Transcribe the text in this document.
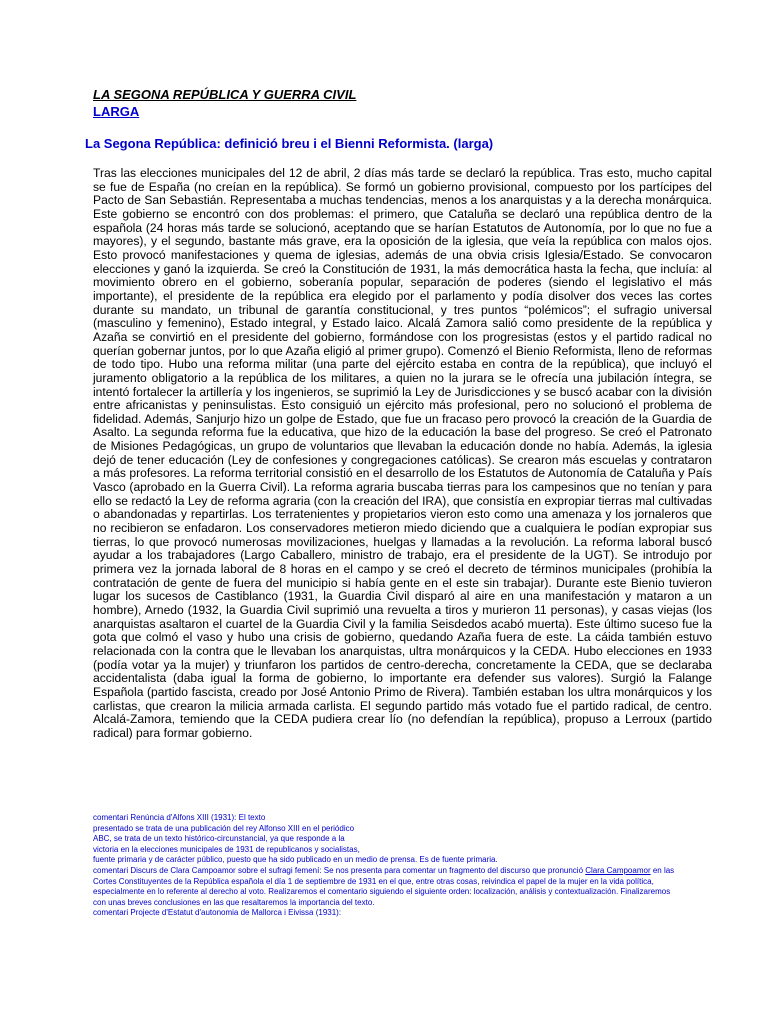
LA SEGONA REPÚBLICA Y GUERRA CIVIL
LARGA
La Segona República: definició breu i el Bienni Reformista. (larga)

Tras las elecciones municipales del 12 de abril, 2 días más tarde se declaró la república. Tras esto, mucho capital se fue de España (no creían en la república). Se formó un gobierno provisional, compuesto por los partícipes del Pacto de San Sebastián. Representaba a muchas tendencias, menos a los anarquistas y a la derecha monárquica. Este gobierno se encontró con dos problemas: el primero, que Cataluña se declaró una república dentro de la española (24 horas más tarde se solucionó, aceptando que se harían Estatutos de Autonomía, por lo que no fue a mayores), y el segundo, bastante más grave, era la oposición de la iglesia, que veía la república con malos ojos. Esto provocó manifestaciones y quema de iglesias, además de una obvia crisis Iglesia/Estado. Se convocaron elecciones y ganó la izquierda. Se creó la Constitución de 1931, la más democrática hasta la fecha, que incluía: al movimiento obrero en el gobierno, soberanía popular, separación de poderes (siendo el legislativo el más importante), el presidente de la república era elegido por el parlamento y podía disolver dos veces las cortes durante su mandato, un tribunal de garantía constitucional, y tres puntos “polémicos”; el sufragio universal (masculino y femenino), Estado integral, y Estado laico. Alcalá Zamora salió como presidente de la república y Azaña se convirtió en el presidente del gobierno, formándose con los progresistas (estos y el partido radical no querían gobernar juntos, por lo que Azaña eligió al primer grupo). Comenzó el Bienio Reformista, lleno de reformas de todo tipo. Hubo una reforma militar (una parte del ejército estaba en contra de la república), que incluyó el juramento obligatorio a la república de los militares, a quien no la jurara se le ofrecía una jubilación íntegra, se intentó fortalecer la artillería y los ingenieros, se suprimió la Ley de Jurisdicciones y se buscó acabar con la división entre africanistas y peninsulistas. Esto consiguió un ejército más profesional, pero no solucionó el problema de fidelidad. Además, Sanjurjo hizo un golpe de Estado, que fue un fracaso pero provocó la creación de la Guardia de Asalto. La segunda reforma fue la educativa, que hizo de la educación la base del progreso. Se creó el Patronato de Misiones Pedagógicas, un grupo de voluntarios que llevaban la educación donde no había. Además, la iglesia dejó de tener educación (Ley de confesiones y congregaciones católicas). Se crearon más escuelas y contrataron a más profesores. La reforma territorial consistió en el desarrollo de los Estatutos de Autonomía de Cataluña y País Vasco (aprobado en la Guerra Civil). La reforma agraria buscaba tierras para los campesinos que no tenían y para ello se redactó la Ley de reforma agraria (con la creación del IRA), que consistía en expropiar tierras mal cultivadas o abandonadas y repartirlas. Los terratenientes y propietarios vieron esto como una amenaza y los jornaleros que no recibieron se enfadaron. Los conservadores metieron miedo diciendo que a cualquiera le podían expropiar sus tierras, lo que provocó numerosas movilizaciones, huelgas y llamadas a la revolución. La reforma laboral buscó ayudar a los trabajadores (Largo Caballero, ministro de trabajo, era el presidente de la UGT). Se introdujo por primera vez la jornada laboral de 8 horas en el campo y se creó el decreto de términos municipales (prohibía la contratación de gente de fuera del municipio si había gente en el este sin trabajar). Durante este Bienio tuvieron lugar los sucesos de Castiblanco (1931, la Guardia Civil disparó al aire en una manifestación y mataron a un hombre), Arnedo (1932, la Guardia Civil suprimió una revuelta a tiros y murieron 11 personas), y casas viejas (los anarquistas asaltaron el cuartel de la Guardia Civil y la familia Seisdedos acabó muerta). Este último suceso fue la gota que colmó el vaso y hubo una crisis de gobierno, quedando Azaña fuera de este. La cáida también estuvo relacionada con la contra que le llevaban los anarquistas, ultra monárquicos y la CEDA. Hubo elecciones en 1933 (podía votar ya la mujer) y triunfaron los partidos de centro-derecha, concretamente la CEDA, que se declaraba accidentalista (daba igual la forma de gobierno, lo importante era defender sus valores). Surgió la Falange Española (partido fascista, creado por José Antonio Primo de Rivera). También estaban los ultra monárquicos y los carlistas, que crearon la milicia armada carlista. El segundo partido más votado fue el partido radical, de centro. Alcalá-Zamora, temiendo que la CEDA pudiera crear lío (no defendían la república), propuso a Lerroux (partido radical) para formar gobierno.

comentari Renúncia d'Alfons XIII (1931): El texto
presentado se trata de una publicación del rey Alfonso XIII en el periódico
ABC, se trata de un texto histórico-circunstancial, ya que responde a la
victoria en la elecciones municipales de 1931 de republicanos y socialistas,
fuente primaria y de carácter público, puesto que ha sido publicado en un medio de prensa. Es de fuente primaria.
comentari Discurs de Clara Campoamor sobre el sufragi femení: Se nos presenta para comentar un fragmento del discurso que pronunció Clara Campoamor en las Cortes Constituyentes de la República española el día 1 de septiembre de 1931 en el que, entre otras cosas, reivindica el papel de la mujer en la vida política, especialmente en lo referente al derecho al voto. Realizaremos el comentario siguiendo el siguiente orden: localización, análisis y contextualización. Finalizaremos con unas breves conclusiones en las que resaltaremos la importancia del texto.
comentari Projecte d'Estatut d'autonomia de Mallorca i Eivissa (1931):
